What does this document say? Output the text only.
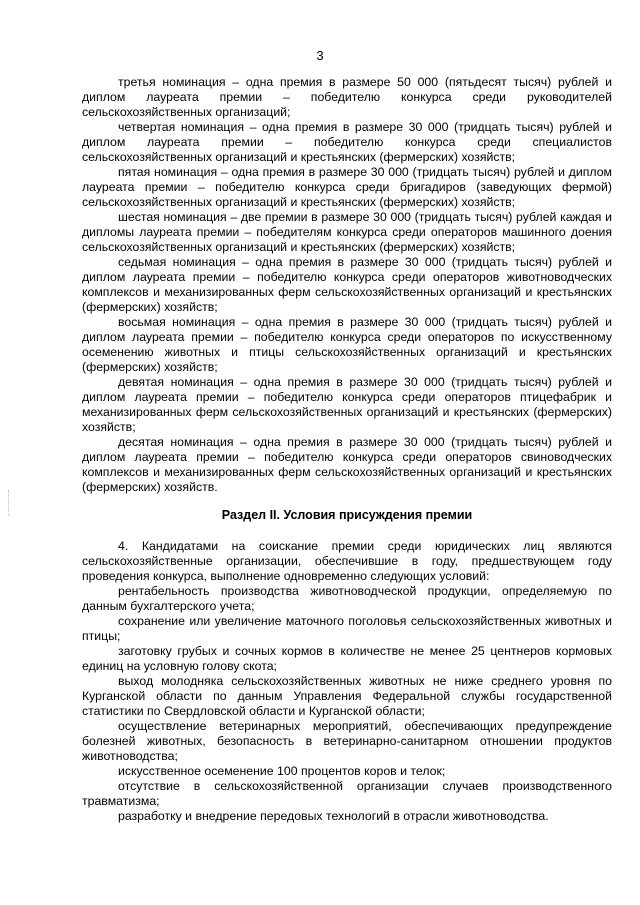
3

третья номинация – одна премия в размере 50 000 (пятьдесят тысяч) рублей и диплом лауреата премии – победителю конкурса среди руководителей сельскохозяйственных организаций;

четвертая номинация – одна премия в размере 30 000 (тридцать тысяч) рублей и диплом лауреата премии – победителю конкурса среди специалистов сельскохозяйственных организаций и крестьянских (фермерских) хозяйств;

пятая номинация – одна премия в размере 30 000 (тридцать тысяч) рублей и диплом лауреата премии – победителю конкурса среди бригадиров (заведующих фермой) сельскохозяйственных организаций и крестьянских (фермерских) хозяйств;

шестая номинация – две премии в размере 30 000 (тридцать тысяч) рублей каждая и дипломы лауреата премии – победителям конкурса среди операторов машинного доения сельскохозяйственных организаций и крестьянских (фермерских) хозяйств;

седьмая номинация – одна премия в размере 30 000 (тридцать тысяч) рублей и диплом лауреата премии – победителю конкурса среди операторов животноводческих комплексов и механизированных ферм сельскохозяйственных организаций и крестьянских (фермерских) хозяйств;

восьмая номинация – одна премия в размере 30 000 (тридцать тысяч) рублей и диплом лауреата премии – победителю конкурса среди операторов по искусственному осеменению животных и птицы сельскохозяйственных организаций и крестьянских (фермерских) хозяйств;

девятая номинация – одна премия в размере 30 000 (тридцать тысяч) рублей и диплом лауреата премии – победителю конкурса среди операторов птицефабрик и механизированных ферм сельскохозяйственных организаций и крестьянских (фермерских) хозяйств;

десятая номинация – одна премия в размере 30 000 (тридцать тысяч) рублей и диплом лауреата премии – победителю конкурса среди операторов свиноводческих комплексов и механизированных ферм сельскохозяйственных организаций и крестьянских (фермерских) хозяйств.

Раздел II. Условия присуждения премии

4. Кандидатами на соискание премии среди юридических лиц являются сельскохозяйственные организации, обеспечившие в году, предшествующем году проведения конкурса, выполнение одновременно следующих условий:

рентабельность производства животноводческой продукции, определяемую по данным бухгалтерского учета;

сохранение или увеличение маточного поголовья сельскохозяйственных животных и птицы;

заготовку грубых и сочных кормов в количестве не менее 25 центнеров кормовых единиц на условную голову скота;

выход молодняка сельскохозяйственных животных не ниже среднего уровня по Курганской области по данным Управления Федеральной службы государственной статистики по Свердловской области и Курганской области;

осуществление ветеринарных мероприятий, обеспечивающих предупреждение болезней животных, безопасность в ветеринарно-санитарном отношении продуктов животноводства;

искусственное осеменение 100 процентов коров и телок;

отсутствие в сельскохозяйственной организации случаев производственного травматизма;

разработку и внедрение передовых технологий в отрасли животноводства.
